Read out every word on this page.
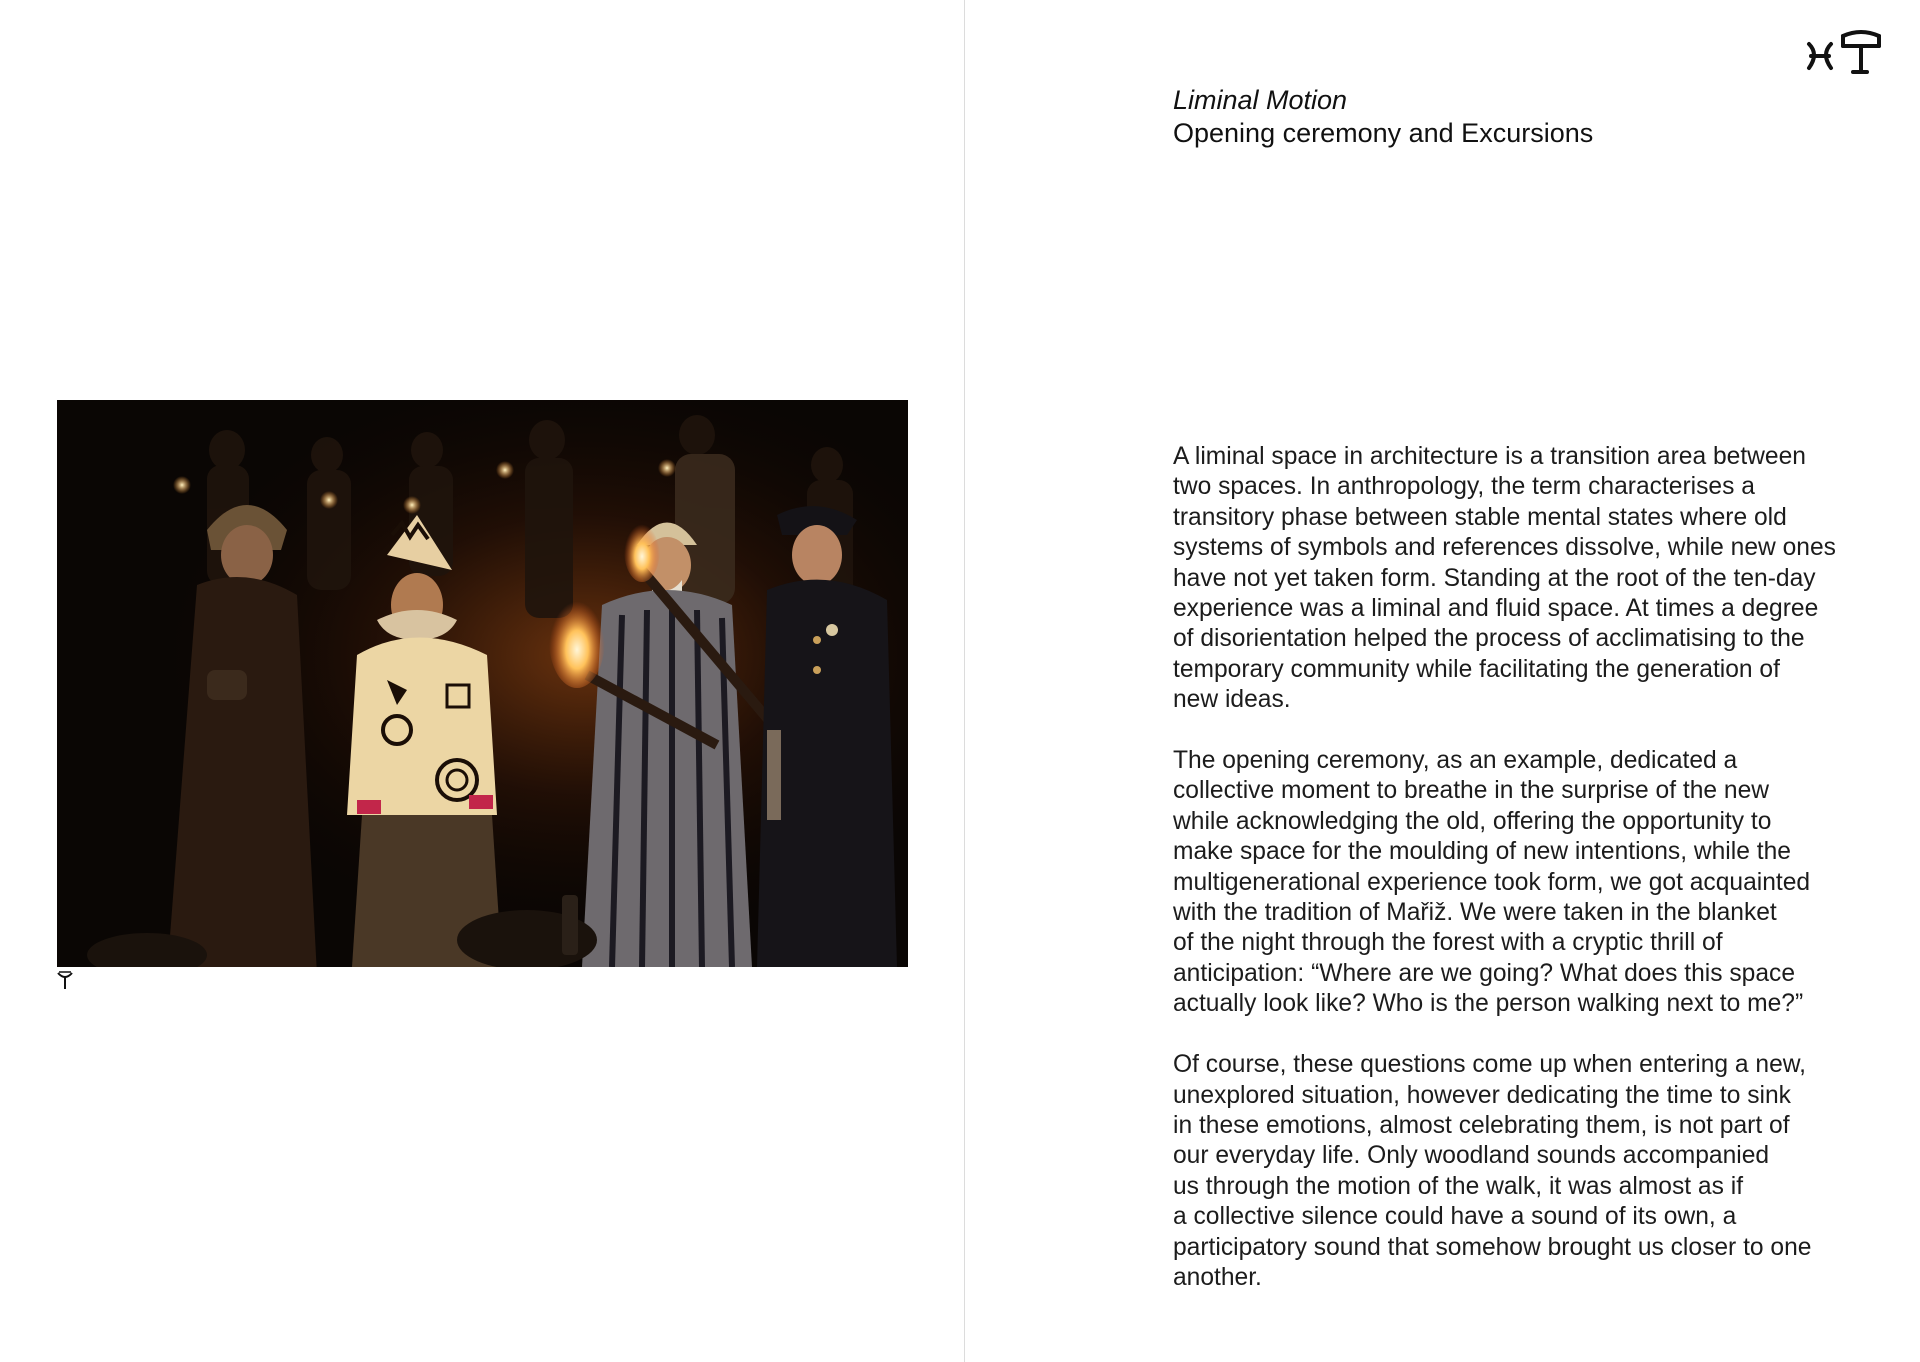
Liminal Motion
Opening ceremony and Excursions

A liminal space in architecture is a transition area between
two spaces. In anthropology, the term characterises a
transitory phase between stable mental states where old
systems of symbols and references dissolve, while new ones
have not yet taken form. Standing at the root of the ten-day
experience was a liminal and fluid space. At times a degree
of disorientation helped the process of acclimatising to the
temporary community while facilitating the generation of
new ideas.

The opening ceremony, as an example, dedicated a
collective moment to breathe in the surprise of the new
while acknowledging the old, offering the opportunity to
make space for the moulding of new intentions, while the
multigenerational experience took form, we got acquainted
with the tradition of Mařiž. We were taken in the blanket
of the night through the forest with a cryptic thrill of
anticipation: “Where are we going? What does this space
actually look like? Who is the person walking next to me?”

Of course, these questions come up when entering a new,
unexplored situation, however dedicating the time to sink
in these emotions, almost celebrating them, is not part of
our everyday life. Only woodland sounds accompanied
us through the motion of the walk, it was almost as if
a collective silence could have a sound of its own, a
participatory sound that somehow brought us closer to one
another.
